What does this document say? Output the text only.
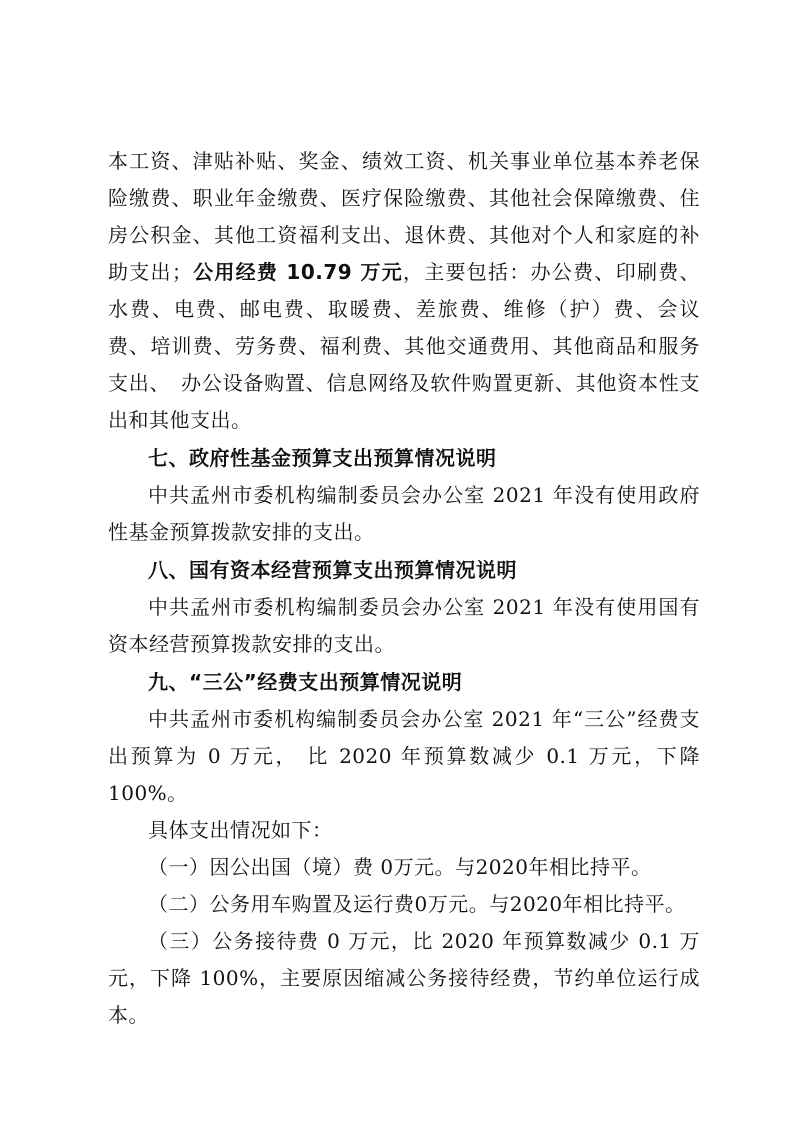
本工资、津贴补贴、奖金、绩效工资、机关事业单位基本养老保险缴费、职业年金缴费、医疗保险缴费、其他社会保障缴费、住房公积金、其他工资福利支出、退休费、其他对个人和家庭的补助支出；公用经费 10.79 万元，主要包括：办公费、印刷费、水费、电费、邮电费、取暖费、差旅费、维修（护）费、会议费、培训费、劳务费、福利费、其他交通费用、其他商品和服务支出、　办公设备购置、信息网络及软件购置更新、其他资本性支出和其他支出。

七、政府性基金预算支出预算情况说明

中共孟州市委机构编制委员会办公室 2021 年没有使用政府性基金预算拨款安排的支出。

八、国有资本经营预算支出预算情况说明

中共孟州市委机构编制委员会办公室 2021 年没有使用国有资本经营预算拨款安排的支出。

九、“三公”经费支出预算情况说明

中共孟州市委机构编制委员会办公室 2021 年“三公”经费支出预算为 0 万元， 比 2020 年预算数减少 0.1 万元，下降 100%。

具体支出情况如下：

（一）因公出国（境）费 0万元。与2020年相比持平。

（二）公务用车购置及运行费0万元。与2020年相比持平。

（三）公务接待费 0 万元，比 2020 年预算数减少 0.1 万元，下降 100%，主要原因缩减公务接待经费，节约单位运行成本。
